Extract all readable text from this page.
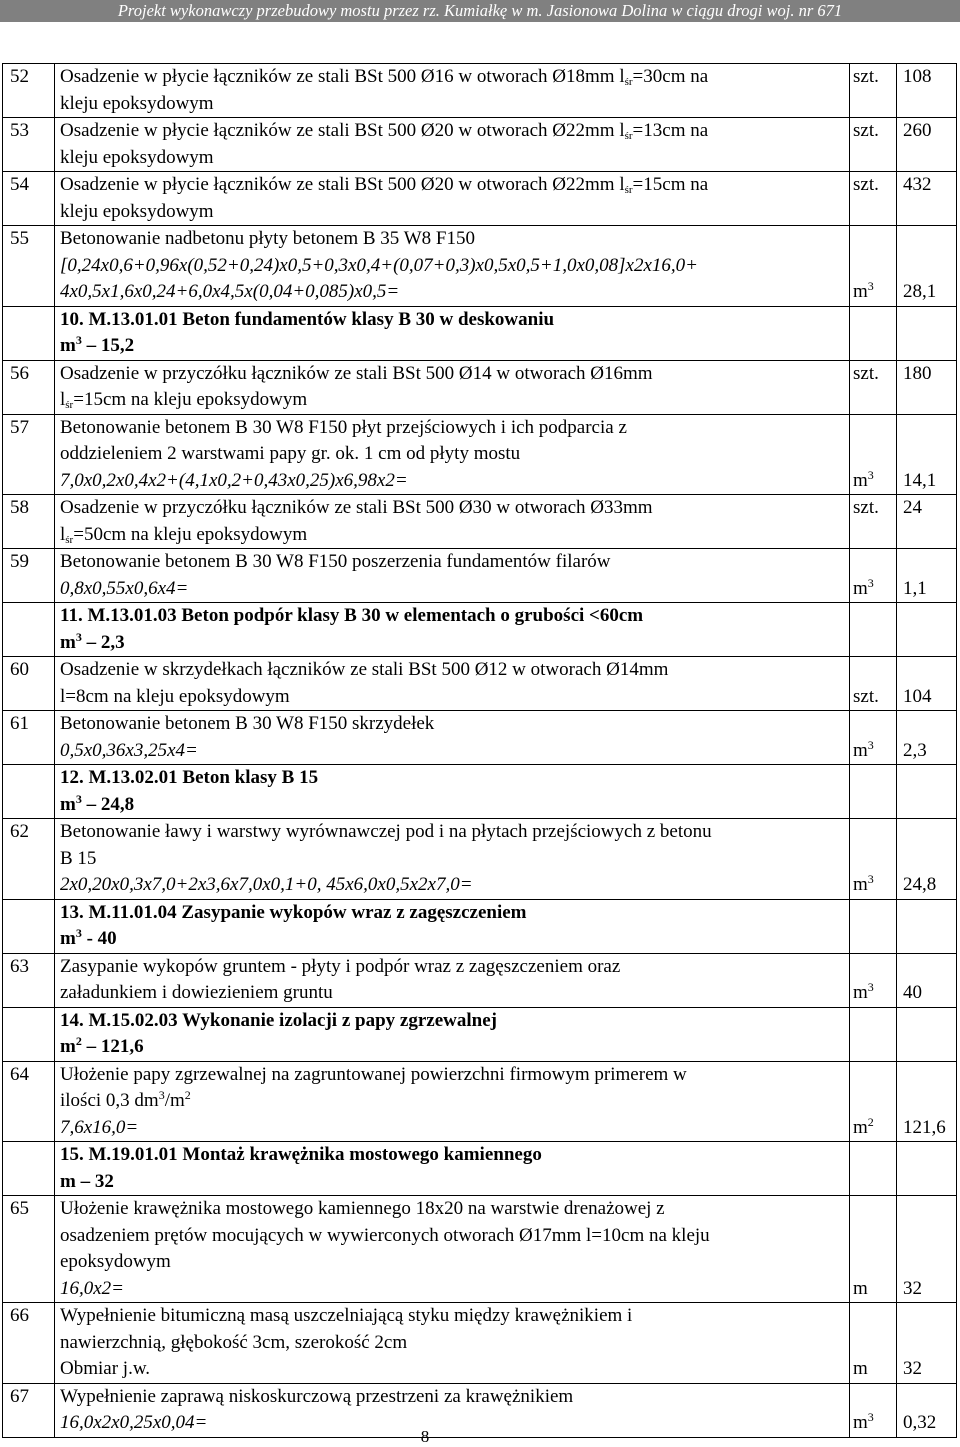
Projekt wykonawczy przebudowy mostu przez rz. Kumiałkę w m. Jasionowa Dolina w ciągu drogi woj. nr 671
52	Osadzenie w płycie łączników ze stali BSt 500 Ø16 w otworach Ø18mm $l_{śr}=30cm$ na
kleju epoksydowym	szt.	108
53	Osadzenie w płycie łączników ze stali BSt 500 Ø20 w otworach Ø22mm $l_{śr}=13cm$ na
kleju epoksydowym	szt.	260
54	Osadzenie w płycie łączników ze stali BSt 500 Ø20 w otworach Ø22mm $l_{śr}=15cm$ na
kleju epoksydowym	szt.	432
55	Betonowanie nadbetonu płyty betonem B 35 W8 F150
[0,24x0,6+0,96x(0,52+0,24)x0,5+0,3x0,4+(0,07+0,3)x0,5x0,5+1,0x0,08]x2x16,0+
4x0,5x1,6x0,24+6,0x4,5x(0,04+0,085)x0,5=	$m^3$	28,1

	10. M.13.01.01 Beton fundamentów klasy B 30 w deskowaniu
$m^3 - 15,2$		

56	Osadzenie w przyczółku łączników ze stali BSt 500 Ø14 w otworach Ø16mm
$l_{śr}=15cm$ na kleju epoksydowym	szt.	180
57	Betonowanie betonem B 30 W8 F150 płyt przejściowych i ich podparcia z
oddzieleniem 2 warstwami papy gr. ok. 1 cm od płyty mostu
7,0x0,2x0,4x2+(4,1x0,2+0,43x0,25)x6,98x2=	$m^3$	14,1
58	Osadzenie w przyczółku łączników ze stali BSt 500 Ø30 w otworach Ø33mm
$l_{śr}=50cm$ na kleju epoksydowym	szt.	24
59	Betonowanie betonem B 30 W8 F150 poszerzenia fundamentów filarów
0,8x0,55x0,6x4=	$m^3$	1,1

	11. M.13.01.03 Beton podpór klasy B 30 w elementach o grubości <60cm
$m^3 - 2,3$		

60	Osadzenie w skrzydełkach łączników ze stali BSt 500 Ø12 w otworach Ø14mm
l=8cm na kleju epoksydowym	szt.	104
61	Betonowanie betonem B 30 W8 F150 skrzydełek
0,5x0,36x3,25x4=	$m^3$	2,3

	12. M.13.02.01 Beton klasy B 15
$m^3 - 24,8$		

62	Betonowanie ławy i warstwy wyrównawczej pod i na płytach przejściowych z betonu
B 15
2x0,20x0,3x7,0+2x3,6x7,0x0,1+0, 45x6,0x0,5x2x7,0=	$m^3$	24,8

	13. M.11.01.04 Zasypanie wykopów wraz z zagęszczeniem
$m^3 - 40$		

63	Zasypanie wykopów gruntem - płyty i podpór wraz z zagęszczeniem oraz
załadunkiem i dowiezieniem gruntu	$m^3$	40

	14. M.15.02.03 Wykonanie izolacji z papy zgrzewalnej
$m^2 - 121,6$		

64	Ułożenie papy zgrzewalnej na zagruntowanej powierzchni firmowym primerem w
ilości 0,3 $dm^3/m^2$
7,6x16,0=	$m^2$	121,6

	15. M.19.01.01 Montaż krawężnika mostowego kamiennego
m – 32		

65	Ułożenie krawężnika mostowego kamiennego 18x20 na warstwie drenażowej z
osadzeniem prętów mocujących w wywierconych otworach Ø17mm l=10cm na kleju
epoksydowym
16,0x2=	m	32
66	Wypełnienie bitumiczną masą uszczelniającą styku między krawężnikiem i
nawierzchnią, głębokość 3cm, szerokość 2cm
Obmiar j.w.	m	32
67	Wypełnienie zaprawą niskoskurczową przestrzeni za krawężnikiem
16,0x2x0,25x0,04=	$m^3$	0,32
8
